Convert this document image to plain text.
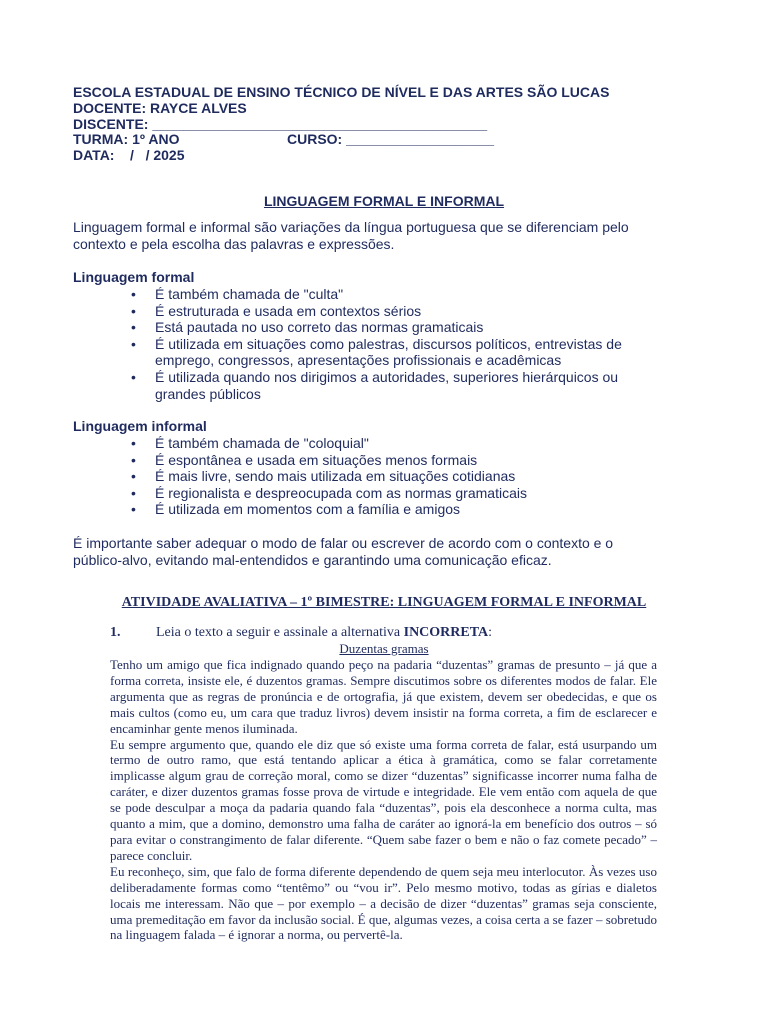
ESCOLA ESTADUAL DE ENSINO TÉCNICO DE NÍVEL E DAS ARTES SÃO LUCAS
DOCENTE: RAYCE ALVES
DISCENTE: ___________________________________________
TURMA: 1º ANO	CURSO: ___________________
DATA:    /   / 2025
LINGUAGEM FORMAL E INFORMAL
Linguagem formal e informal são variações da língua portuguesa que se diferenciam pelo contexto e pela escolha das palavras e expressões.
Linguagem formal
• É também chamada de "culta"
• É estruturada e usada em contextos sérios
• Está pautada no uso correto das normas gramaticais
• É utilizada em situações como palestras, discursos políticos, entrevistas de emprego, congressos, apresentações profissionais e acadêmicas
• É utilizada quando nos dirigimos a autoridades, superiores hierárquicos ou grandes públicos
Linguagem informal
• É também chamada de "coloquial"
• É espontânea e usada em situações menos formais
• É mais livre, sendo mais utilizada em situações cotidianas
• É regionalista e despreocupada com as normas gramaticais
• É utilizada em momentos com a família e amigos
É importante saber adequar o modo de falar ou escrever de acordo com o contexto e o público-alvo, evitando mal-entendidos e garantindo uma comunicação eficaz.
ATIVIDADE AVALIATIVA – 1º BIMESTRE: LINGUAGEM FORMAL E INFORMAL
1.	Leia o texto a seguir e assinale a alternativa INCORRETA:
Duzentas gramas

Tenho um amigo que fica indignado quando peço na padaria “duzentas” gramas de presunto – já que a forma correta, insiste ele, é duzentos gramas. Sempre discutimos sobre os diferentes modos de falar. Ele argumenta que as regras de pronúncia e de ortografia, já que existem, devem ser obedecidas, e que os mais cultos (como eu, um cara que traduz livros) devem insistir na forma correta, a fim de esclarecer e encaminhar gente menos iluminada.

Eu sempre argumento que, quando ele diz que só existe uma forma correta de falar, está usurpando um termo de outro ramo, que está tentando aplicar a ética à gramática, como se falar corretamente implicasse algum grau de correção moral, como se dizer “duzentas” significasse incorrer numa falha de caráter, e dizer duzentos gramas fosse prova de virtude e integridade. Ele vem então com aquela de que se pode desculpar a moça da padaria quando fala “duzentas”, pois ela desconhece a norma culta, mas quanto a mim, que a domino, demonstro uma falha de caráter ao ignorá-la em benefício dos outros – só para evitar o constrangimento de falar diferente. “Quem sabe fazer o bem e não o faz comete pecado” – parece concluir.

Eu reconheço, sim, que falo de forma diferente dependendo de quem seja meu interlocutor. Às vezes uso deliberadamente formas como “tentêmo” ou “vou ir”. Pelo mesmo motivo, todas as gírias e dialetos locais me interessam. Não que – por exemplo – a decisão de dizer “duzentas” gramas seja consciente, uma premeditação em favor da inclusão social. É que, algumas vezes, a coisa certa a se fazer – sobretudo na linguagem falada – é ignorar a norma, ou pervertê-la.
